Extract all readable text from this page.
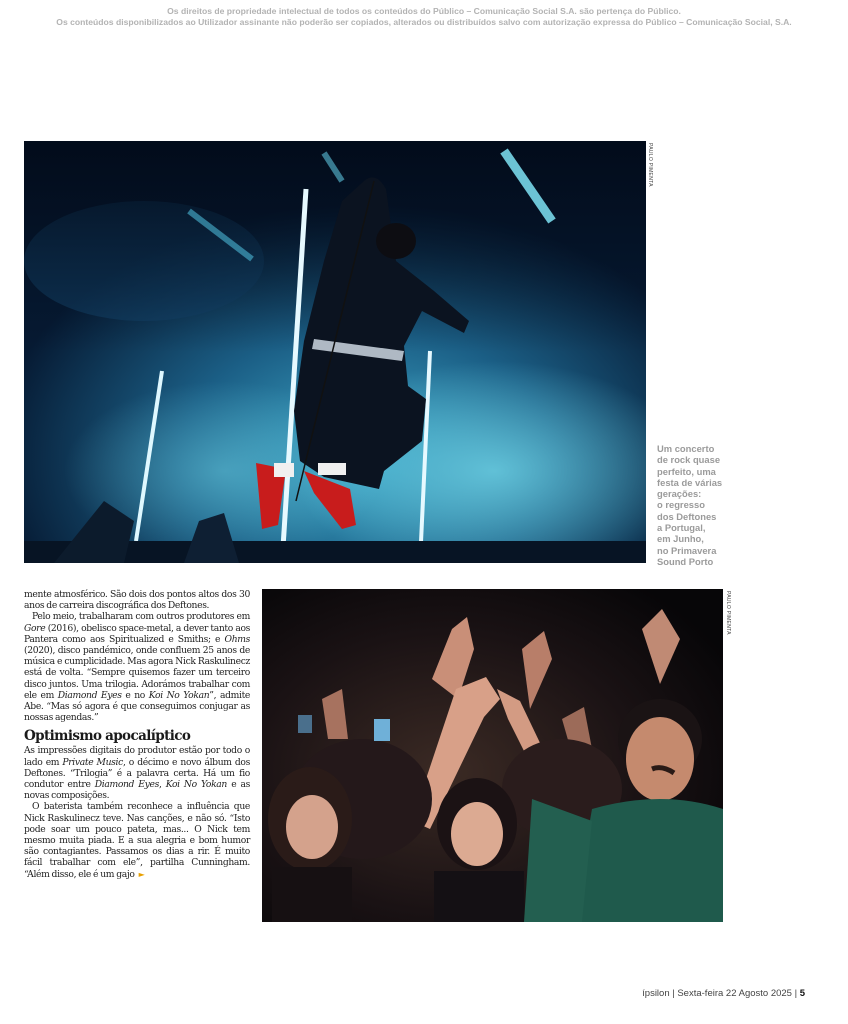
Os direitos de propriedade intelectual de todos os conteúdos do Público – Comunicação Social S.A. são pertença do Público.
Os conteúdos disponibilizados ao Utilizador assinante não poderão ser copiados, alterados ou distribuídos salvo com autorização expressa do Público – Comunicação Social, S.A.
PAULO PIMENTA
Um concerto
de rock quase
perfeito, uma
festa de várias
gerações:
o regresso
dos Deftones
a Portugal,
em Junho,
no Primavera
Sound Porto

mente atmosférico. São dois dos pontos altos dos 30 anos de carreira discográfica dos Deftones.

Pelo meio, trabalharam com outros produtores em Gore (2016), obelisco space-metal, a dever tanto aos Pantera como aos Spiritualized e Smiths; e Ohms (2020), disco pandémico, onde confluem 25 anos de música e cumplicidade. Mas agora Nick Raskulinecz está de volta. “Sempre quisemos fazer um terceiro disco juntos. Uma trilogia. Adorámos trabalhar com ele em Diamond Eyes e no Koi No Yokan”, admite Abe. “Mas só agora é que conseguimos conjugar as nossas agendas.”

Optimismo apocalíptico

As impressões digitais do produtor estão por todo o lado em Private Music, o décimo e novo álbum dos Deftones. “Trilogia” é a palavra certa. Há um fio condutor entre Diamond Eyes, Koi No Yokan e as novas composições.

O baterista também reconhece a influência que Nick Raskulinecz teve. Nas canções, e não só. “Isto pode soar um pouco pateta, mas... O Nick tem mesmo muita piada. E a sua alegria e bom humor são contagiantes. Passamos os dias a rir. É muito fácil trabalhar com ele”, partilha Cunningham. “Além disso, ele é um gajo ►

PAULO PIMENTA
ípsilon | Sexta-feira 22 Agosto 2025 | 5
